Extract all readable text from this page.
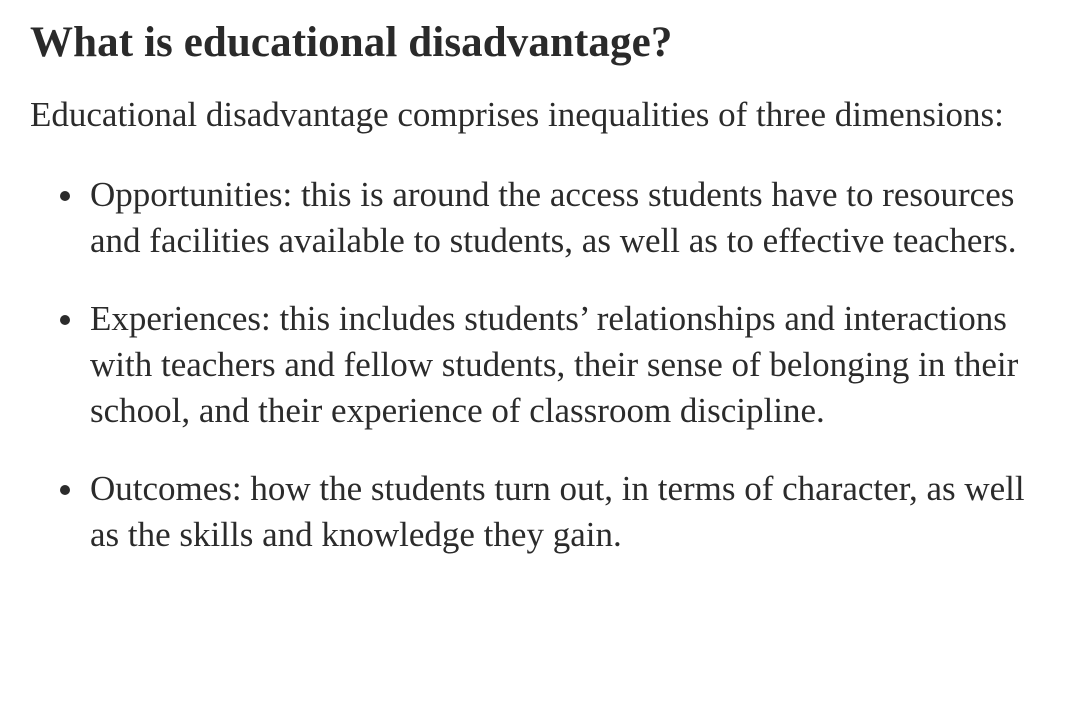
What is educational disadvantage?

Educational disadvantage comprises inequalities of three dimensions:

Opportunities: this is around the access students have to resources and facilities available to students, as well as to effective teachers.
Experiences: this includes students’ relationships and interactions with teachers and fellow students, their sense of belonging in their school, and their experience of classroom discipline.
Outcomes: how the students turn out, in terms of character, as well as the skills and knowledge they gain.
